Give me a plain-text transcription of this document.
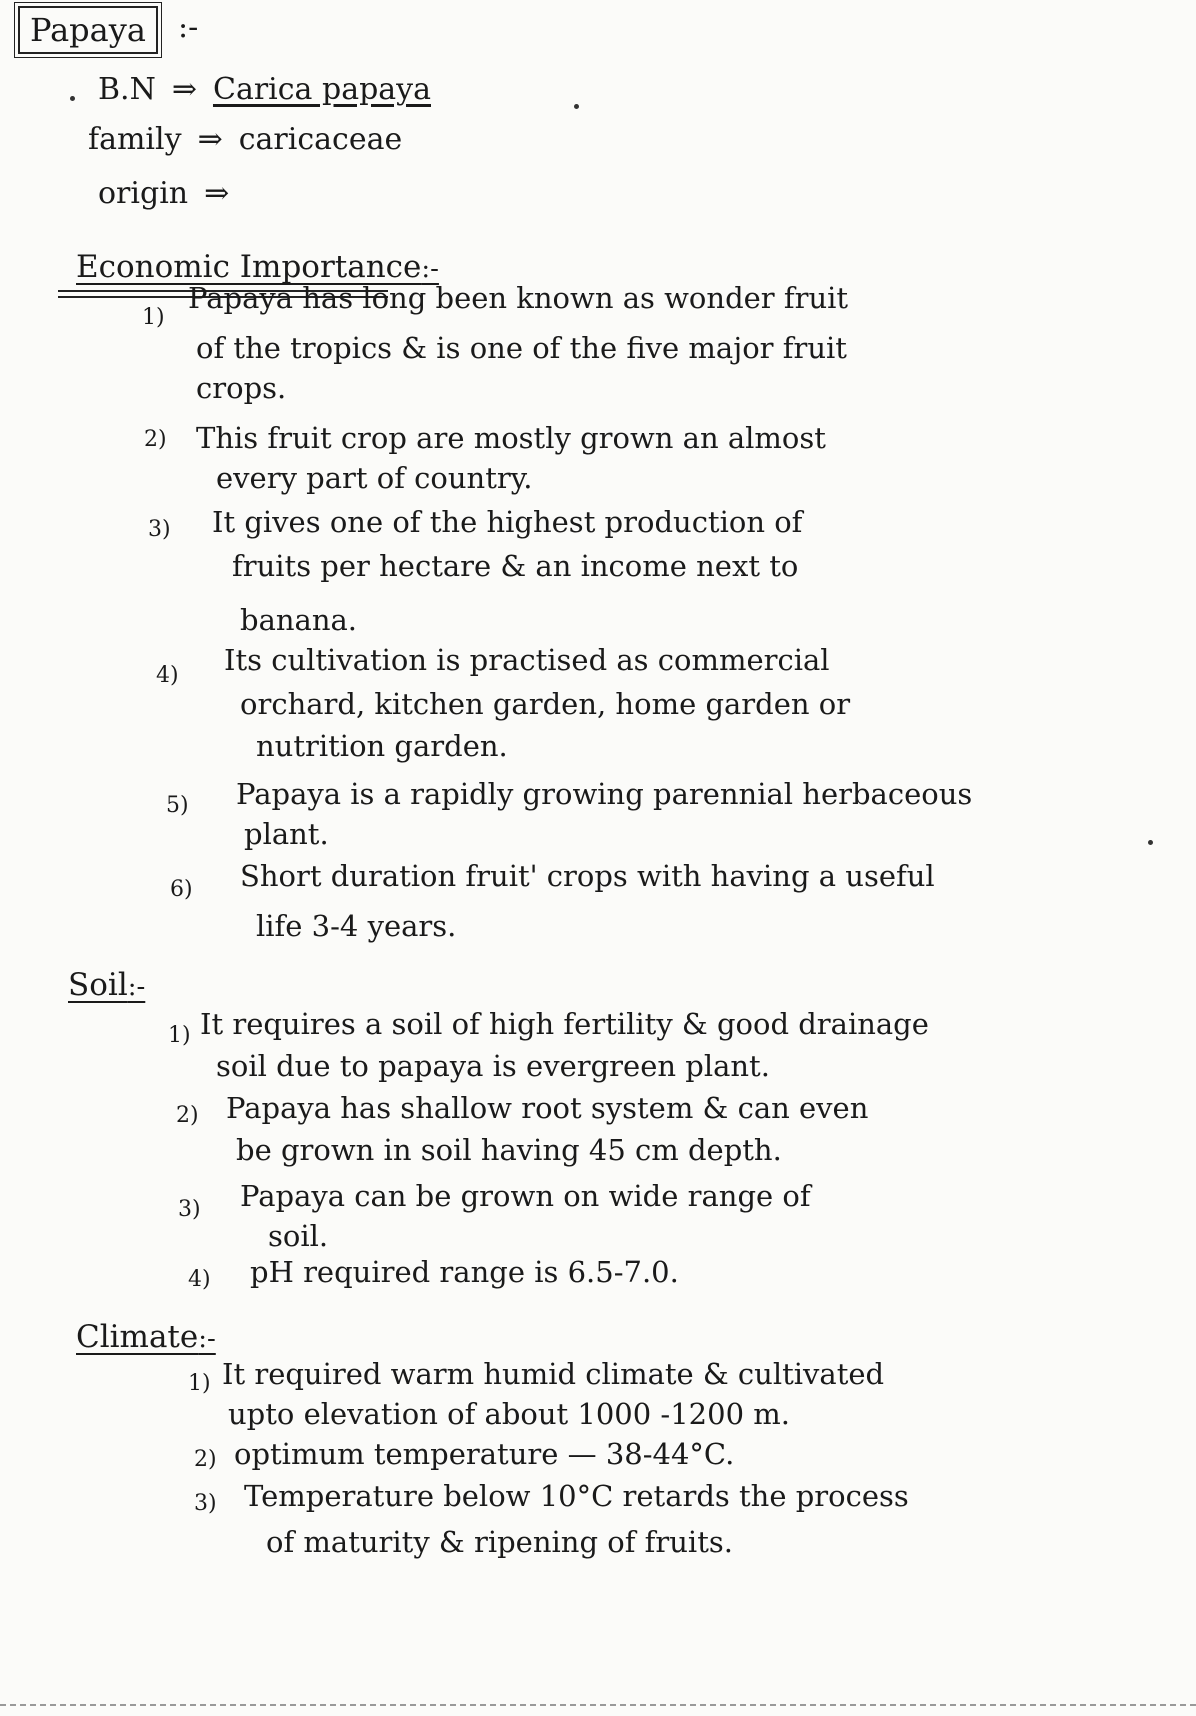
Papaya	:-
B.N ⇒ Carica papaya
family ⇒ caricaceae
origin ⇒
Economic Importance:-
1)
Papaya has long been known as wonder fruit
of the tropics & is one of the five major fruit
crops.
2) This fruit crop are mostly grown an almost
every part of country.
3) It gives one of the highest production of
fruits per hectare & an income next to
banana.
4) Its cultivation is practised as commercial
orchard, kitchen garden, home garden or
nutrition garden.
5) Papaya is a rapidly growing parennial herbaceous
plant.
6) Short duration fruit' crops with having a useful
life 3-4 years.
Soil:-
1) It requires a soil of high fertility & good drainage
soil due to papaya is evergreen plant.
2) Papaya has shallow root system & can even
be grown in soil having 45 cm depth.
3) Papaya can be grown on wide range of
soil.
4) pH required range is 6.5-7.0.
Climate:-
1) It required warm humid climate & cultivated
upto elevation of about 1000 -1200 m.
2) optimum temperature — 38-44°C.
3) Temperature below 10°C retards the process
of maturity & ripening of fruits.
